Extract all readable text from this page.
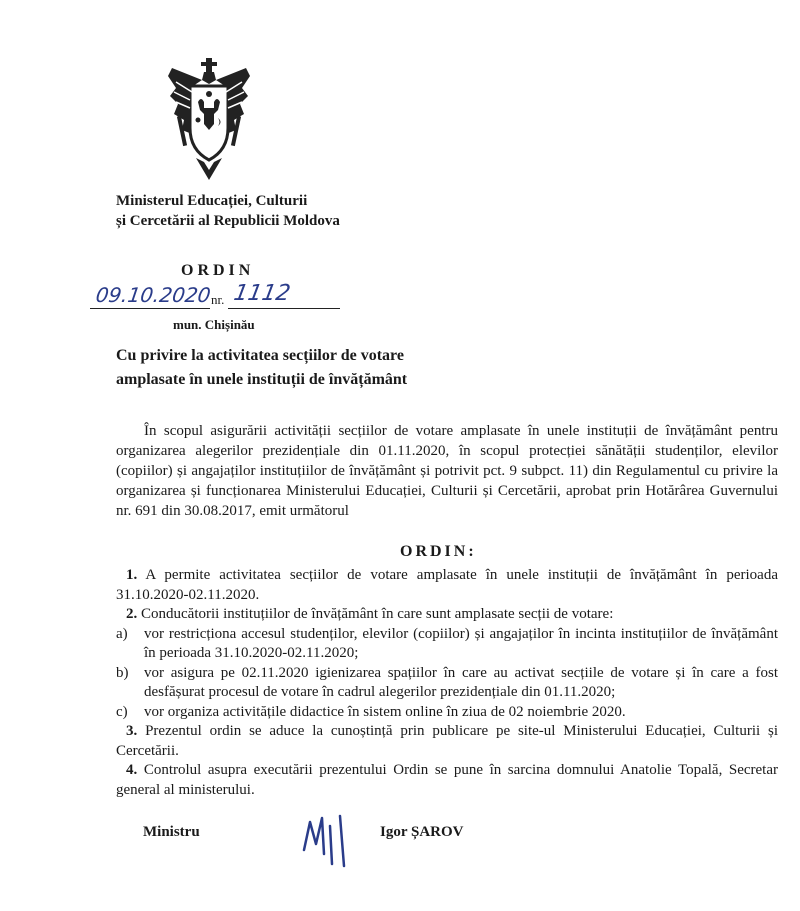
Ministerul Educației, Culturii
și Cercetării al Republicii Moldova
ORDIN
09.10.2020
nr. 1112
mun. Chișinău
Cu privire la activitatea secțiilor de votare
amplasate în unele instituții de învățământ

În scopul asigurării activității secțiilor de votare amplasate în unele instituții de învățământ pentru organizarea alegerilor prezidențiale din 01.11.2020, în scopul protecției sănătății studenților, elevilor (copiilor) și angajaților instituțiilor de învățământ și potrivit pct. 9 subpct. 11) din Regulamentul cu privire la organizarea și funcționarea Ministerului Educației, Culturii și Cercetării, aprobat prin Hotărârea Guvernului nr. 691 din 30.08.2017, emit următorul

ORDIN:

1. A permite activitatea secțiilor de votare amplasate în unele instituții de învățământ în perioada 31.10.2020-02.11.2020.

2. Conducătorii instituțiilor de învățământ în care sunt amplasate secții de votare:

a) vor restricționa accesul studenților, elevilor (copiilor) și angajaților în incinta instituțiilor de învățământ în perioada 31.10.2020-02.11.2020;

b) vor asigura pe 02.11.2020 igienizarea spațiilor în care au activat secțiile de votare și în care a fost desfășurat procesul de votare în cadrul alegerilor prezidențiale din 01.11.2020;

c) vor organiza activitățile didactice în sistem online în ziua de 02 noiembrie 2020.

3. Prezentul ordin se aduce la cunoștință prin publicare pe site-ul Ministerului Educației, Culturii și Cercetării.

4. Controlul asupra executării prezentului Ordin se pune în sarcina domnului Anatolie Topală, Secretar general al ministerului.

Ministru	Igor ȘAROV
